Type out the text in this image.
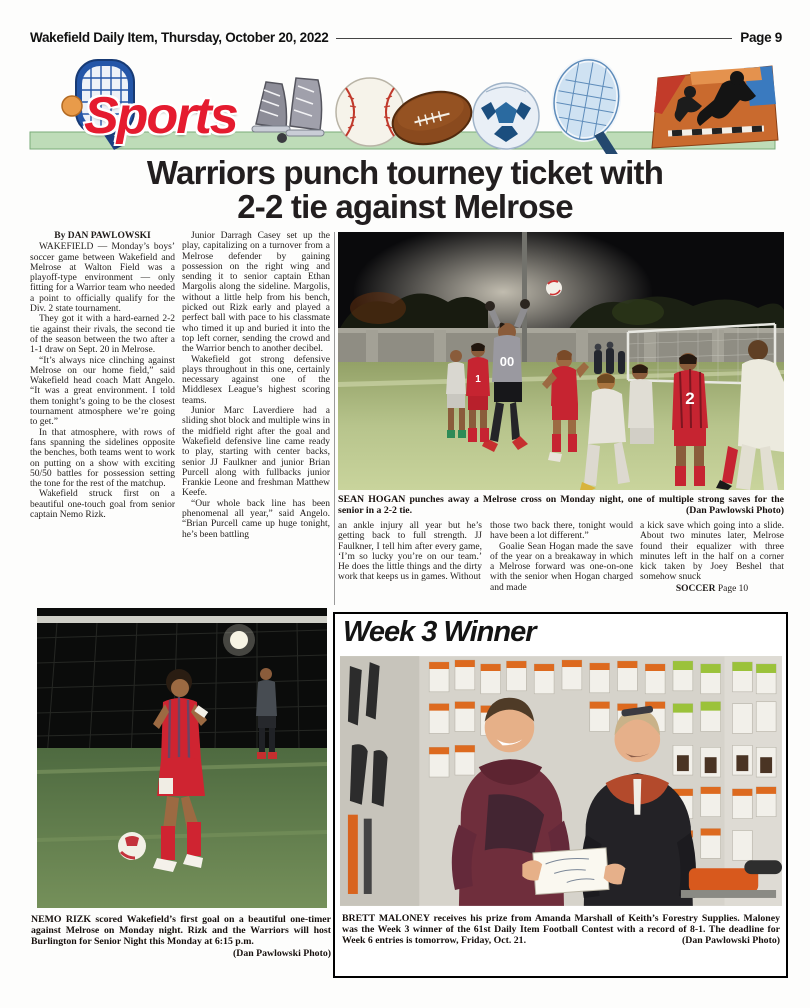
Wakefield Daily Item, Thursday, October 20, 2022	Page 9
Sports
Warriors punch tourney ticket with
2-2 tie against Melrose

By DAN PAWLOWSKI

WAKEFIELD — Monday’s boys’ soccer game between Wakefield and Melrose at Walton Field was a playoff-type environment — only fitting for a Warrior team who needed a point to officially qualify for the Div. 2 state tournament.

They got it with a hard-earned 2-2 tie against their rivals, the second tie of the season between the two after a 1-1 draw on Sept. 20 in Melrose.

“It’s always nice clinching against Melrose on our home field,” said Wakefield head coach Matt Angelo. “It was a great environment. I told them tonight’s going to be the closest tournament atmosphere we’re going to get.”

In that atmosphere, with rows of fans spanning the sidelines opposite the benches, both teams went to work on putting on a show with exciting 50/50 battles for possession setting the tone for the rest of the matchup.

Wakefield struck first on a beautiful one-touch goal from senior captain Nemo Rizk.

Junior Darragh Casey set up the play, capitalizing on a turnover from a Melrose defender by gaining possession on the right wing and sending it to senior captain Ethan Margolis along the sideline. Margolis, without a little help from his bench, picked out Rizk early and played a perfect ball with pace to his classmate who timed it up and buried it into the top left corner, sending the crowd and the Warrior bench to another decibel.

Wakefield got strong defensive plays throughout in this one, certainly necessary against one of the Middlesex League’s highest scoring teams.

Junior Marc Laverdiere had a sliding shot block and multiple wins in the midfield right after the goal and Wakefield defensive line came ready to play, starting with center backs, senior JJ Faulkner and junior Brian Purcell along with fullbacks junior Frankie Leone and freshman Matthew Keefe.

“Our whole back line has been phenomenal all year,” said Angelo. “Brian Purcell came up huge tonight, he’s been battling

00
1
2
SEAN HOGAN punches away a Melrose cross on Monday night, one of multiple strong saves for the senior in a 2-2 tie.	(Dan Pawlowski Photo)

an ankle injury all year but he’s getting back to full strength. JJ Faulkner, I tell him after every game, ‘I’m so lucky you’re on our team.’ He does the little things and the dirty work that keeps us in games. Without

those two back there, tonight would have been a lot different.”

Goalie Sean Hogan made the save of the year on a breakaway in which a Melrose forward was one-on-one with the senior when Hogan charged and made

a kick save which going into a slide. About two minutes later, Melrose found their equalizer with three minutes left in the half on a corner kick taken by Joey Beshel that somehow snuck

SOCCER Page 10

NEMO RIZK scored Wakefield’s first goal on a beautiful one-timer against Melrose on Monday night. Rizk and the Warriors will host Burlington for Senior Night this Monday at 6:15 p.m.
(Dan Pawlowski Photo)
Week 3 Winner
BRETT MALONEY receives his prize from Amanda Marshall of Keith’s Forestry Supplies. Maloney was the Week 3 winner of the 61st Daily Item Football Contest with a record of 8-1. The deadline for Week 6 entries is tomorrow, Friday, Oct. 21.	(Dan Pawlowski Photo)
